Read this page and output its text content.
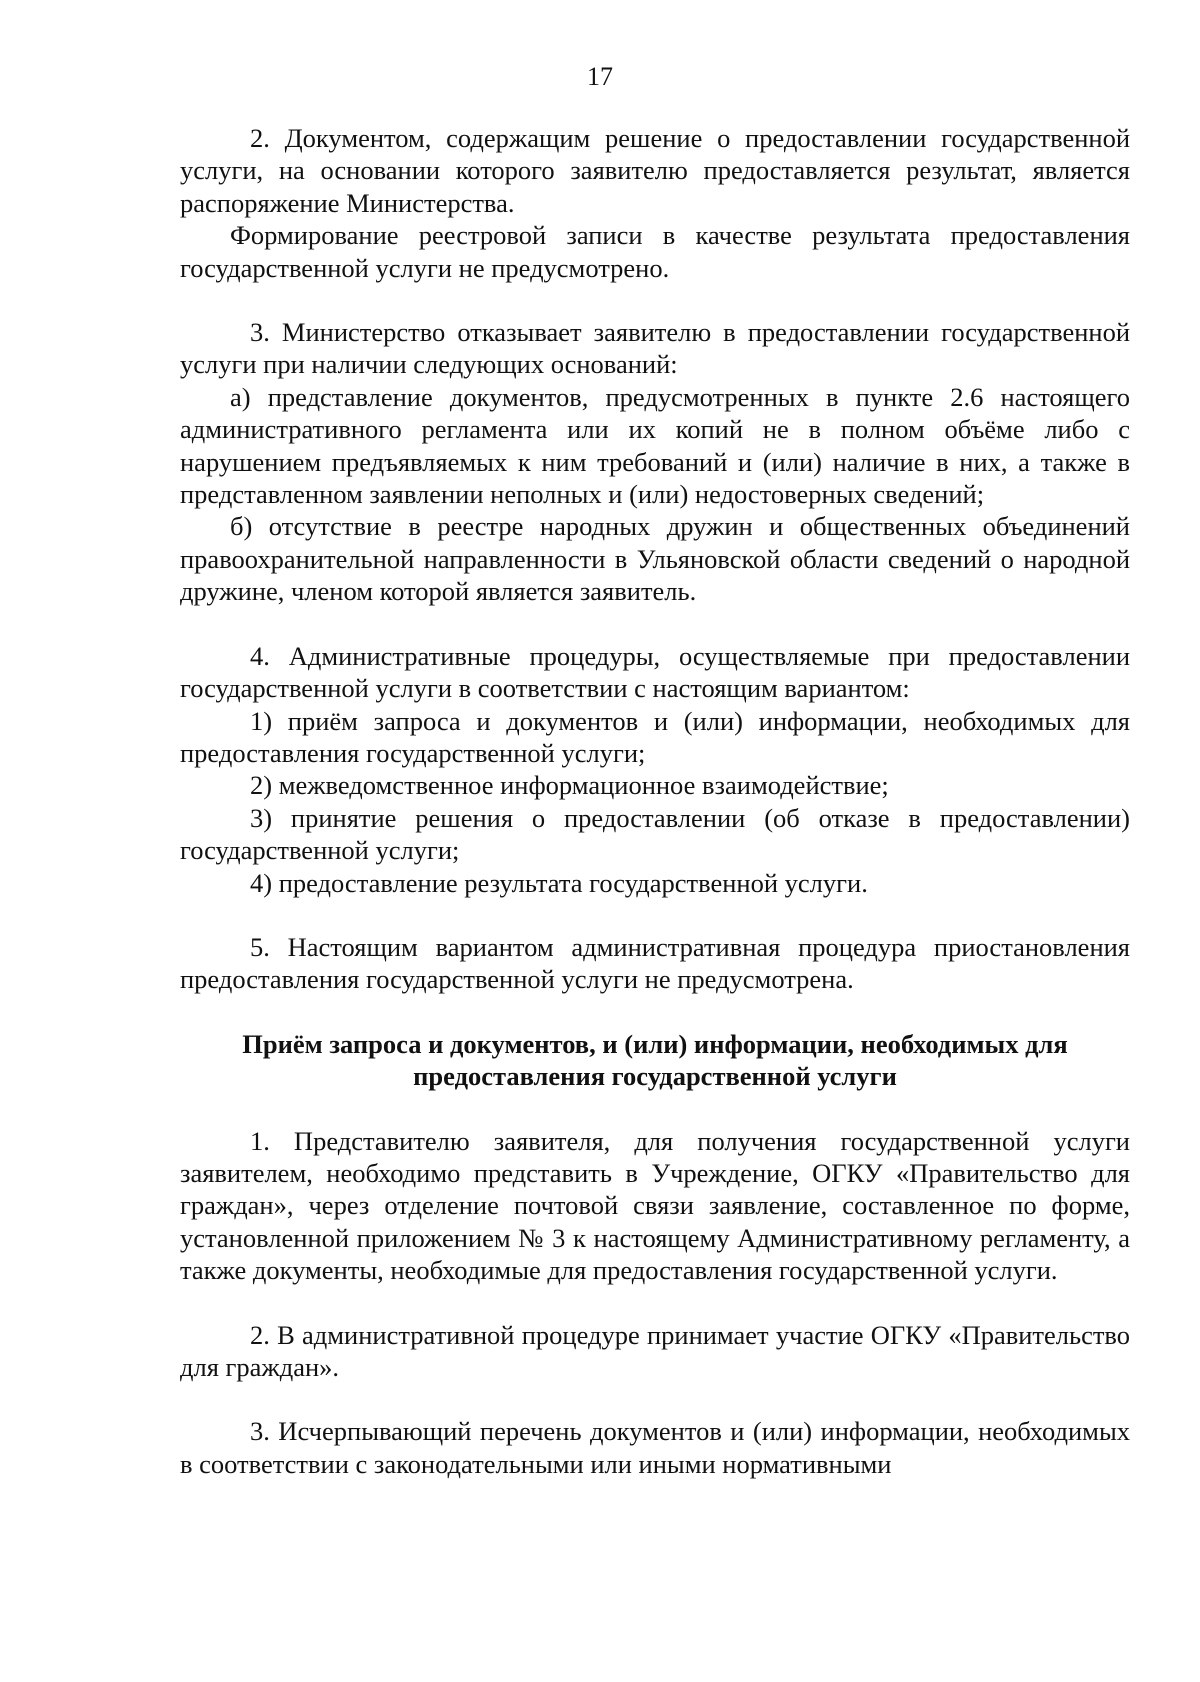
17

2. Документом, содержащим решение о предоставлении государственной услуги, на основании которого заявителю предоставляется результат, является распоряжение Министерства.

Формирование реестровой записи в качестве результата предоставления государственной услуги не предусмотрено.

3. Министерство отказывает заявителю в предоставлении государственной услуги при наличии следующих оснований:

а) представление документов, предусмотренных в пункте 2.6 настоящего административного регламента или их копий не в полном объёме либо с нарушением предъявляемых к ним требований и (или) наличие в них, а также в представленном заявлении неполных и (или) недостоверных сведений;

б) отсутствие в реестре народных дружин и общественных объединений правоохранительной направленности в Ульяновской области сведений о народной дружине, членом которой является заявитель.

4. Административные процедуры, осуществляемые при предоставлении государственной услуги в соответствии с настоящим вариантом:

1) приём запроса и документов и (или) информации, необходимых для предоставления государственной услуги;

2) межведомственное информационное взаимодействие;

3) принятие решения о предоставлении (об отказе в предоставлении) государственной услуги;

4) предоставление результата государственной услуги.

5. Настоящим вариантом административная процедура приостановления предоставления государственной услуги не предусмотрена.

Приём запроса и документов, и (или) информации, необходимых для
предоставления государственной услуги

1. Представителю заявителя, для получения государственной услуги заявителем, необходимо представить в Учреждение, ОГКУ «Правительство для граждан», через отделение почтовой связи заявление, составленное по форме, установленной приложением № 3 к настоящему Административному регламенту, а также документы, необходимые для предоставления государственной услуги.

2. В административной процедуре принимает участие ОГКУ «Правительство для граждан».

3. Исчерпывающий перечень документов и (или) информации, необходимых в соответствии с законодательными или иными нормативными
